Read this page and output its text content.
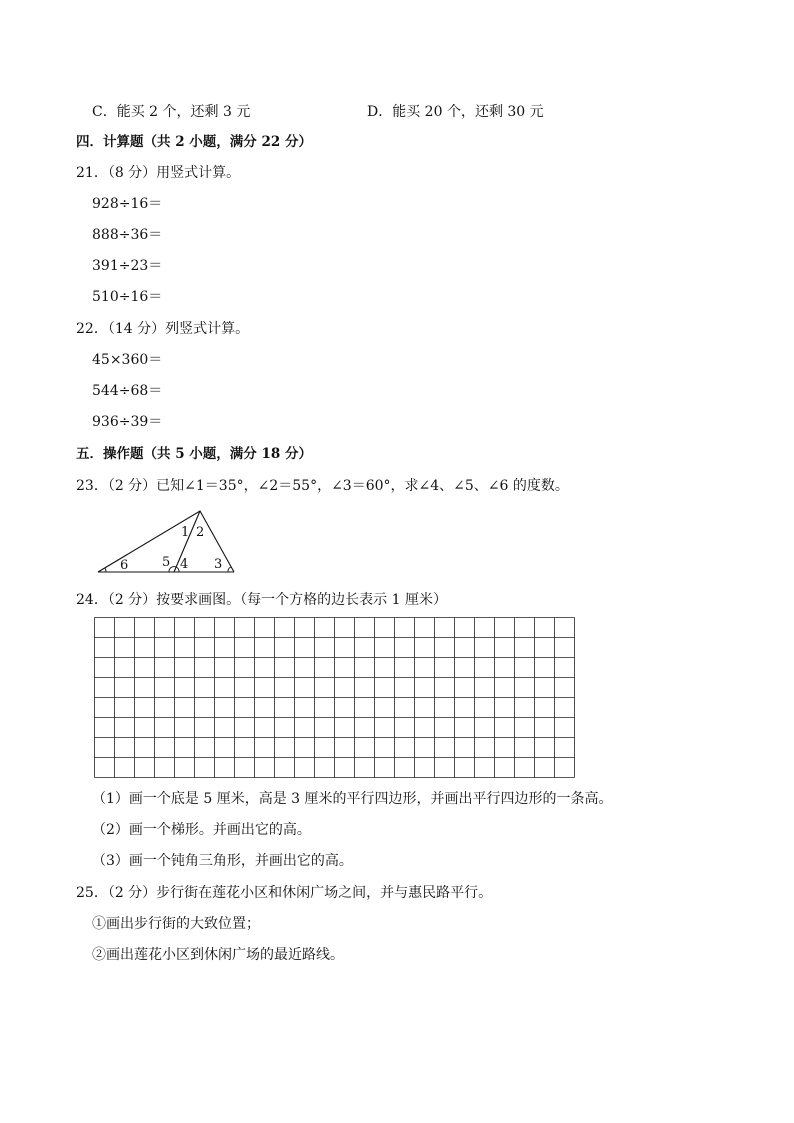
C．能买 2 个，还剩 3 元	D．能买 20 个，还剩 30 元
四．计算题（共 2 小题，满分 22 分）
21．（8 分）用竖式计算。
928÷16＝
888÷36＝
391÷23＝
510÷16＝
22．（14 分）列竖式计算。
45×360＝
544÷68＝
936÷39＝
五．操作题（共 5 小题，满分 18 分）
23．（2 分）已知∠1＝35°，∠2＝55°，∠3＝60°，求∠4、∠5、∠6 的度数。
1 2
3
4
5
6
24．（2 分）按要求画图。（每一个方格的边长表示 1 厘米）
（1）画一个底是 5 厘米，高是 3 厘米的平行四边形，并画出平行四边形的一条高。
（2）画一个梯形。并画出它的高。
（3）画一个钝角三角形，并画出它的高。
25．（2 分）步行街在莲花小区和休闲广场之间，并与惠民路平行。
①画出步行街的大致位置；
②画出莲花小区到休闲广场的最近路线。
